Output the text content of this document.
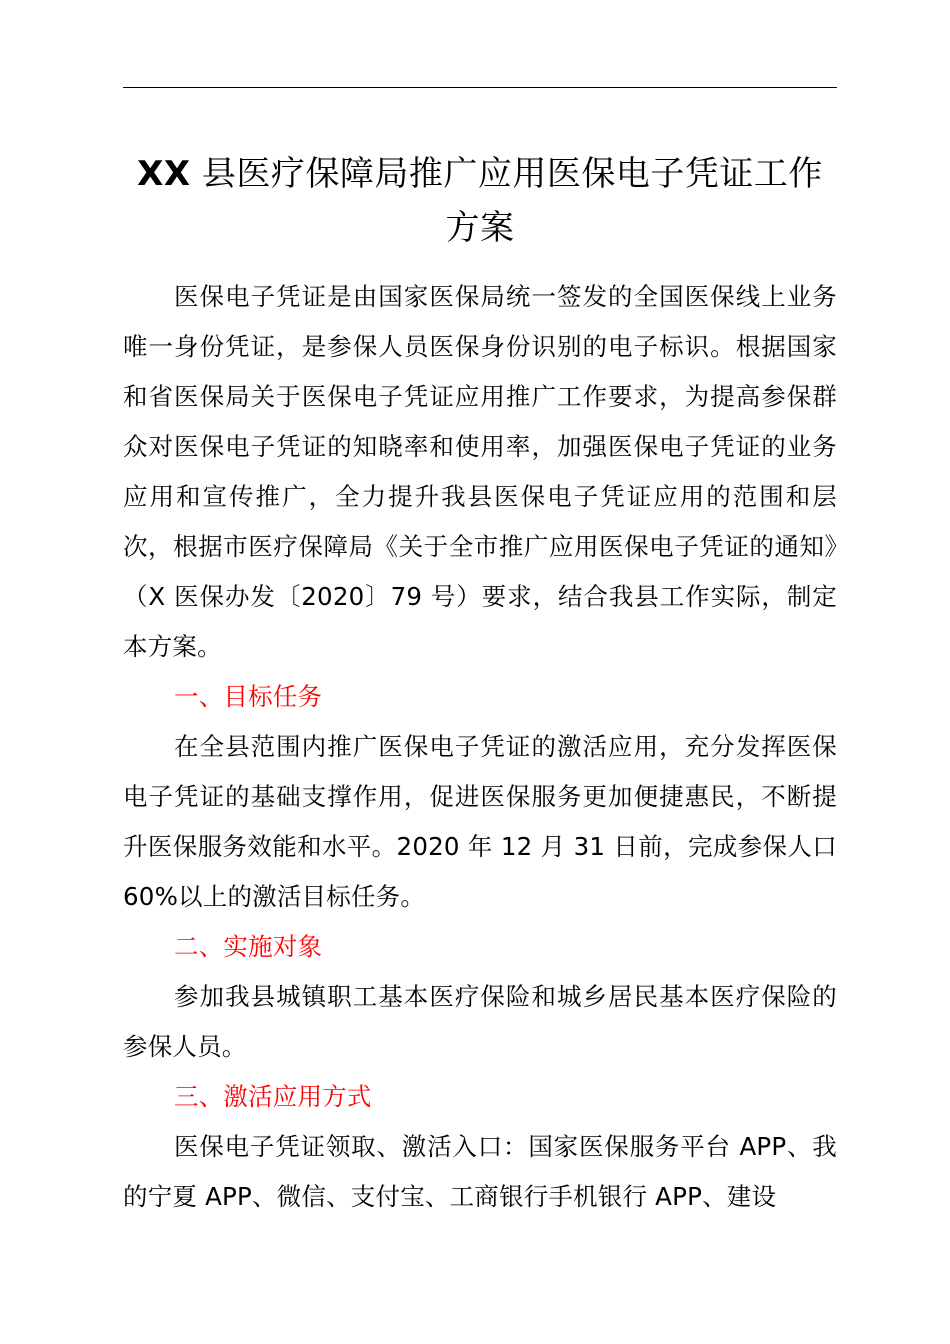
XX 县医疗保障局推广应用医保电子凭证工作
方案

医保电子凭证是由国家医保局统一签发的全国医保线上业务唯一身份凭证，是参保人员医保身份识别的电子标识。根据国家和省医保局关于医保电子凭证应用推广工作要求，为提高参保群众对医保电子凭证的知晓率和使用率，加强医保电子凭证的业务应用和宣传推广，全力提升我县医保电子凭证应用的范围和层次，根据市医疗保障局《关于全市推广应用医保电子凭证的通知》（X 医保办发〔2020〕79 号）要求，结合我县工作实际，制定本方案。

一、目标任务

在全县范围内推广医保电子凭证的激活应用，充分发挥医保电子凭证的基础支撑作用，促进医保服务更加便捷惠民，不断提升医保服务效能和水平。2020 年 12 月 31 日前，完成参保人口 60%以上的激活目标任务。

二、实施对象

参加我县城镇职工基本医疗保险和城乡居民基本医疗保险的参保人员。

三、激活应用方式

医保电子凭证领取、激活入口：国家医保服务平台 APP、我的宁夏 APP、微信、支付宝、工商银行手机银行 APP、建设
